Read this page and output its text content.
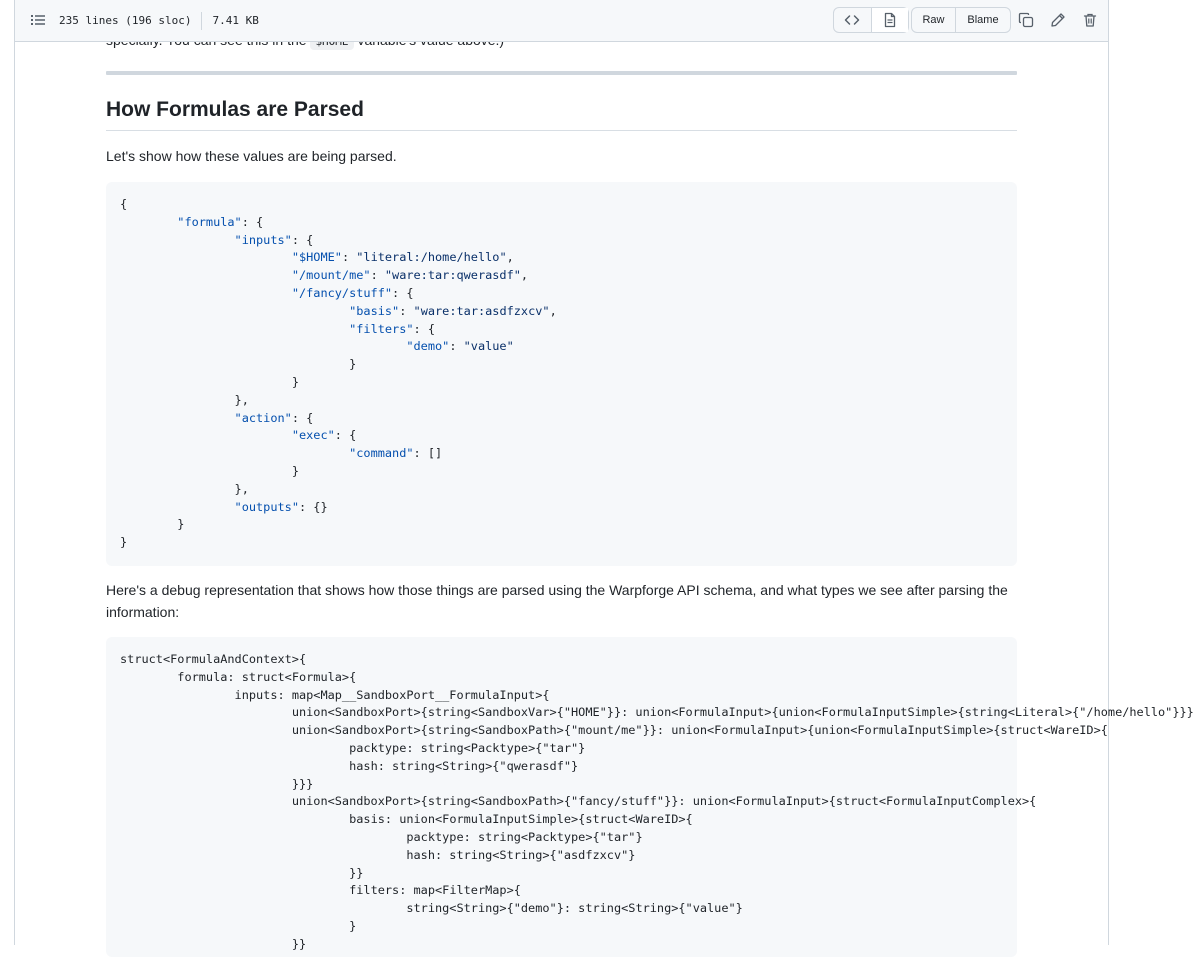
How Formulas are Parsed

Let's show how these values are being parsed.

{
	"formula": {
		"inputs": {
			"$HOME": "literal:/home/hello",
			"/mount/me": "ware:tar:qwerasdf",
			"/fancy/stuff": {
				"basis": "ware:tar:asdfzxcv",
				"filters": {
					"demo": "value"
				}
			}
		},
		"action": {
			"exec": {
				"command": []
			}
		},
		"outputs": {}
	}
}

Here's a debug representation that shows how those things are parsed using the Warpforge API schema, and what types we see after parsing the information:

struct<FormulaAndContext>{
	formula: struct<Formula>{
		inputs: map<Map__SandboxPort__FormulaInput>{
			union<SandboxPort>{string<SandboxVar>{"HOME"}}: union<FormulaInput>{union<FormulaInputSimple>{string<Literal>{"/home/hello"}}}
			union<SandboxPort>{string<SandboxPath>{"mount/me"}}: union<FormulaInput>{union<FormulaInputSimple>{struct<WareID>{
				packtype: string<Packtype>{"tar"}
				hash: string<String>{"qwerasdf"}
			}}}
			union<SandboxPort>{string<SandboxPath>{"fancy/stuff"}}: union<FormulaInput>{struct<FormulaInputComplex>{
				basis: union<FormulaInputSimple>{struct<WareID>{
					packtype: string<Packtype>{"tar"}
					hash: string<String>{"asdfzxcv"}
				}}
				filters: map<FilterMap>{
					string<String>{"demo"}: string<String>{"value"}
				}
			}}
235 lines (196 sloc) 7.41 KB	Raw	Blame
